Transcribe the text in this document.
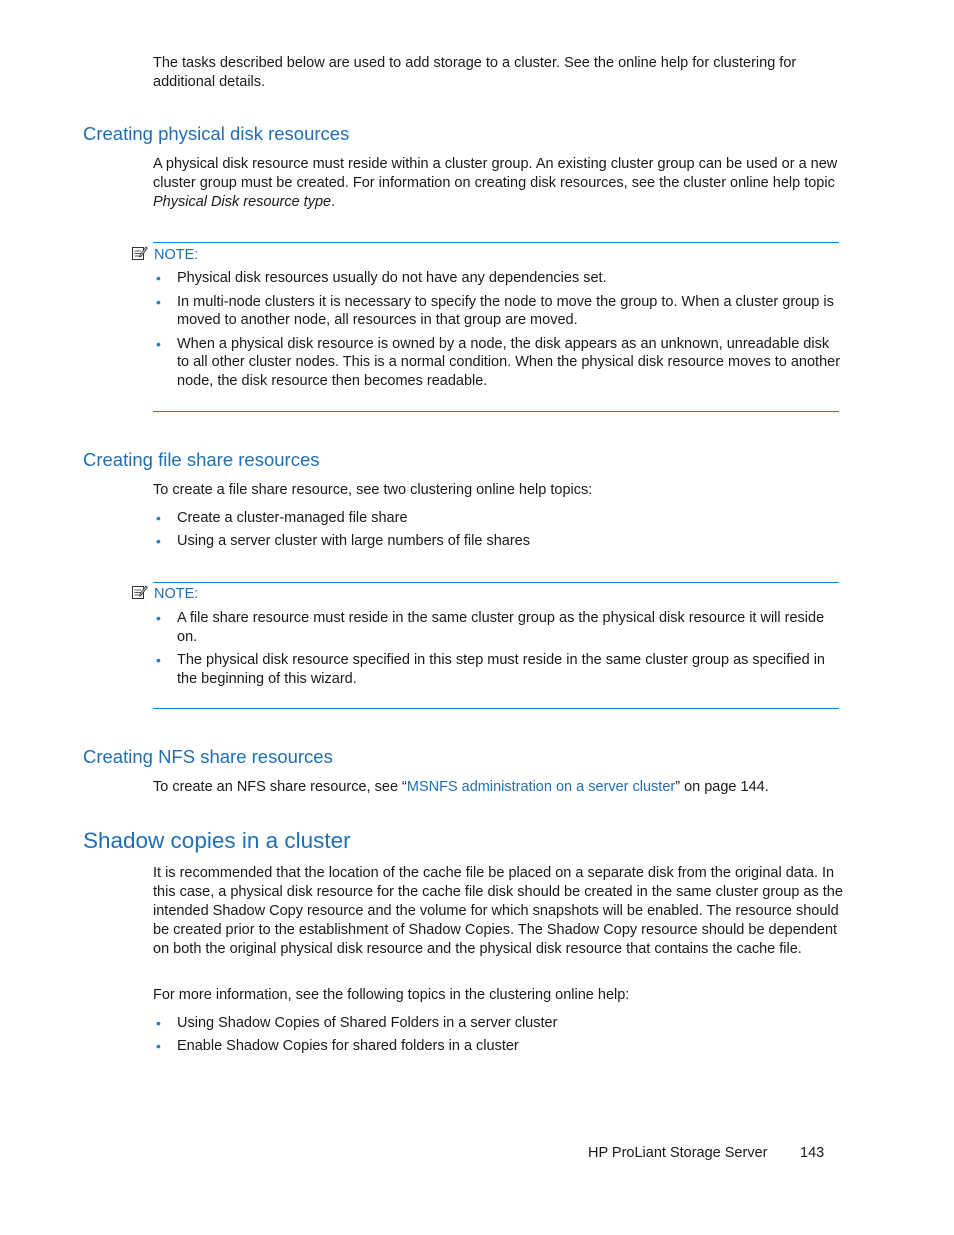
The tasks described below are used to add storage to a cluster. See the online help for clustering for additional details.

Creating physical disk resources

A physical disk resource must reside within a cluster group. An existing cluster group can be used or a new cluster group must be created. For information on creating disk resources, see the cluster online help topic Physical Disk resource type.

NOTE:
• Physical disk resources usually do not have any dependencies set.
• In multi-node clusters it is necessary to specify the node to move the group to. When a cluster group is moved to another node, all resources in that group are moved.
• When a physical disk resource is owned by a node, the disk appears as an unknown, unreadable disk to all other cluster nodes. This is a normal condition. When the physical disk resource moves to another node, the disk resource then becomes readable.
Creating file share resources

To create a file share resource, see two clustering online help topics:

• Create a cluster-managed file share
• Using a server cluster with large numbers of file shares
NOTE:
• A file share resource must reside in the same cluster group as the physical disk resource it will reside on.
• The physical disk resource specified in this step must reside in the same cluster group as specified in the beginning of this wizard.
Creating NFS share resources

To create an NFS share resource, see “MSNFS administration on a server cluster” on page 144.

Shadow copies in a cluster

It is recommended that the location of the cache file be placed on a separate disk from the original data. In this case, a physical disk resource for the cache file disk should be created in the same cluster group as the intended Shadow Copy resource and the volume for which snapshots will be enabled. The resource should be created prior to the establishment of Shadow Copies. The Shadow Copy resource should be dependent on both the original physical disk resource and the physical disk resource that contains the cache file.

For more information, see the following topics in the clustering online help:

• Using Shadow Copies of Shared Folders in a server cluster
• Enable Shadow Copies for shared folders in a cluster
HP ProLiant Storage Server 143
